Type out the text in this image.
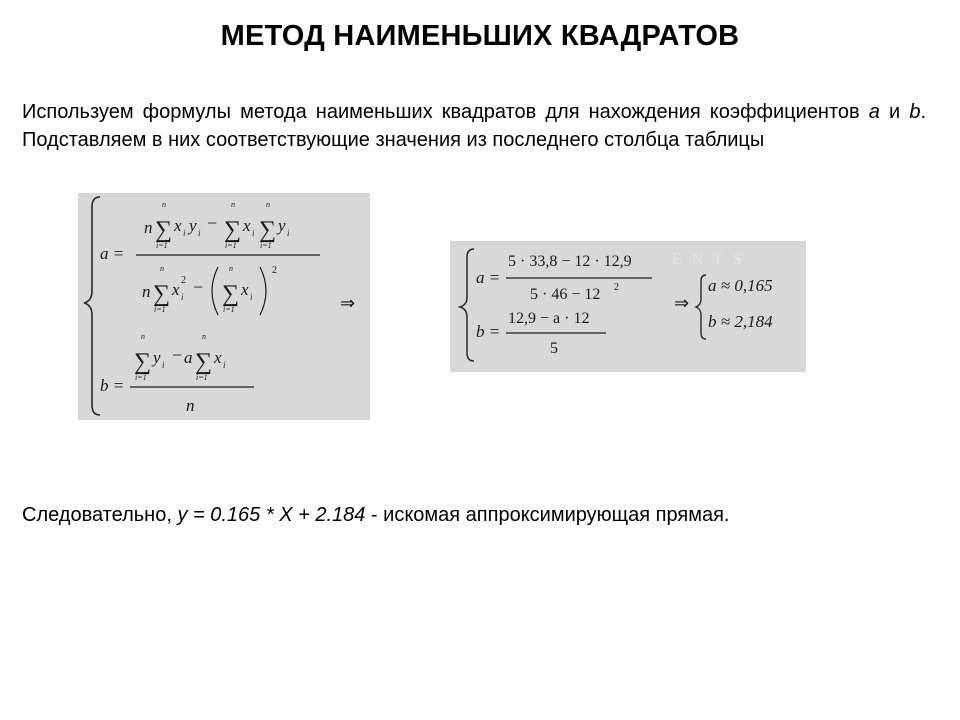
МЕТОД НАИМЕНЬШИХ КВАДРАТОВ
Используем формулы метода наименьших квадратов для нахождения коэффициентов a и b. Подставляем в них соответствующие значения из последнего столбца таблицы
a =
n ∑
n
i=1
x i y i − ∑
n
i=1
x i ∑
n
i=1
y i
n ∑
n
i=1
x i
2 − ∑
n
i=1
x i
2
⇒
b =
∑
n
i=1
y i − a ∑
n
i=1
x i
n
E N T S
a =
5 · 33,8 − 12 · 12,9
5 · 46 − 12 2
b =
12,9 − a · 12
5
⇒
a ≈ 0,165
b ≈ 2,184
Следовательно, y = 0.165 * X + 2.184 - искомая аппроксимирующая прямая.
